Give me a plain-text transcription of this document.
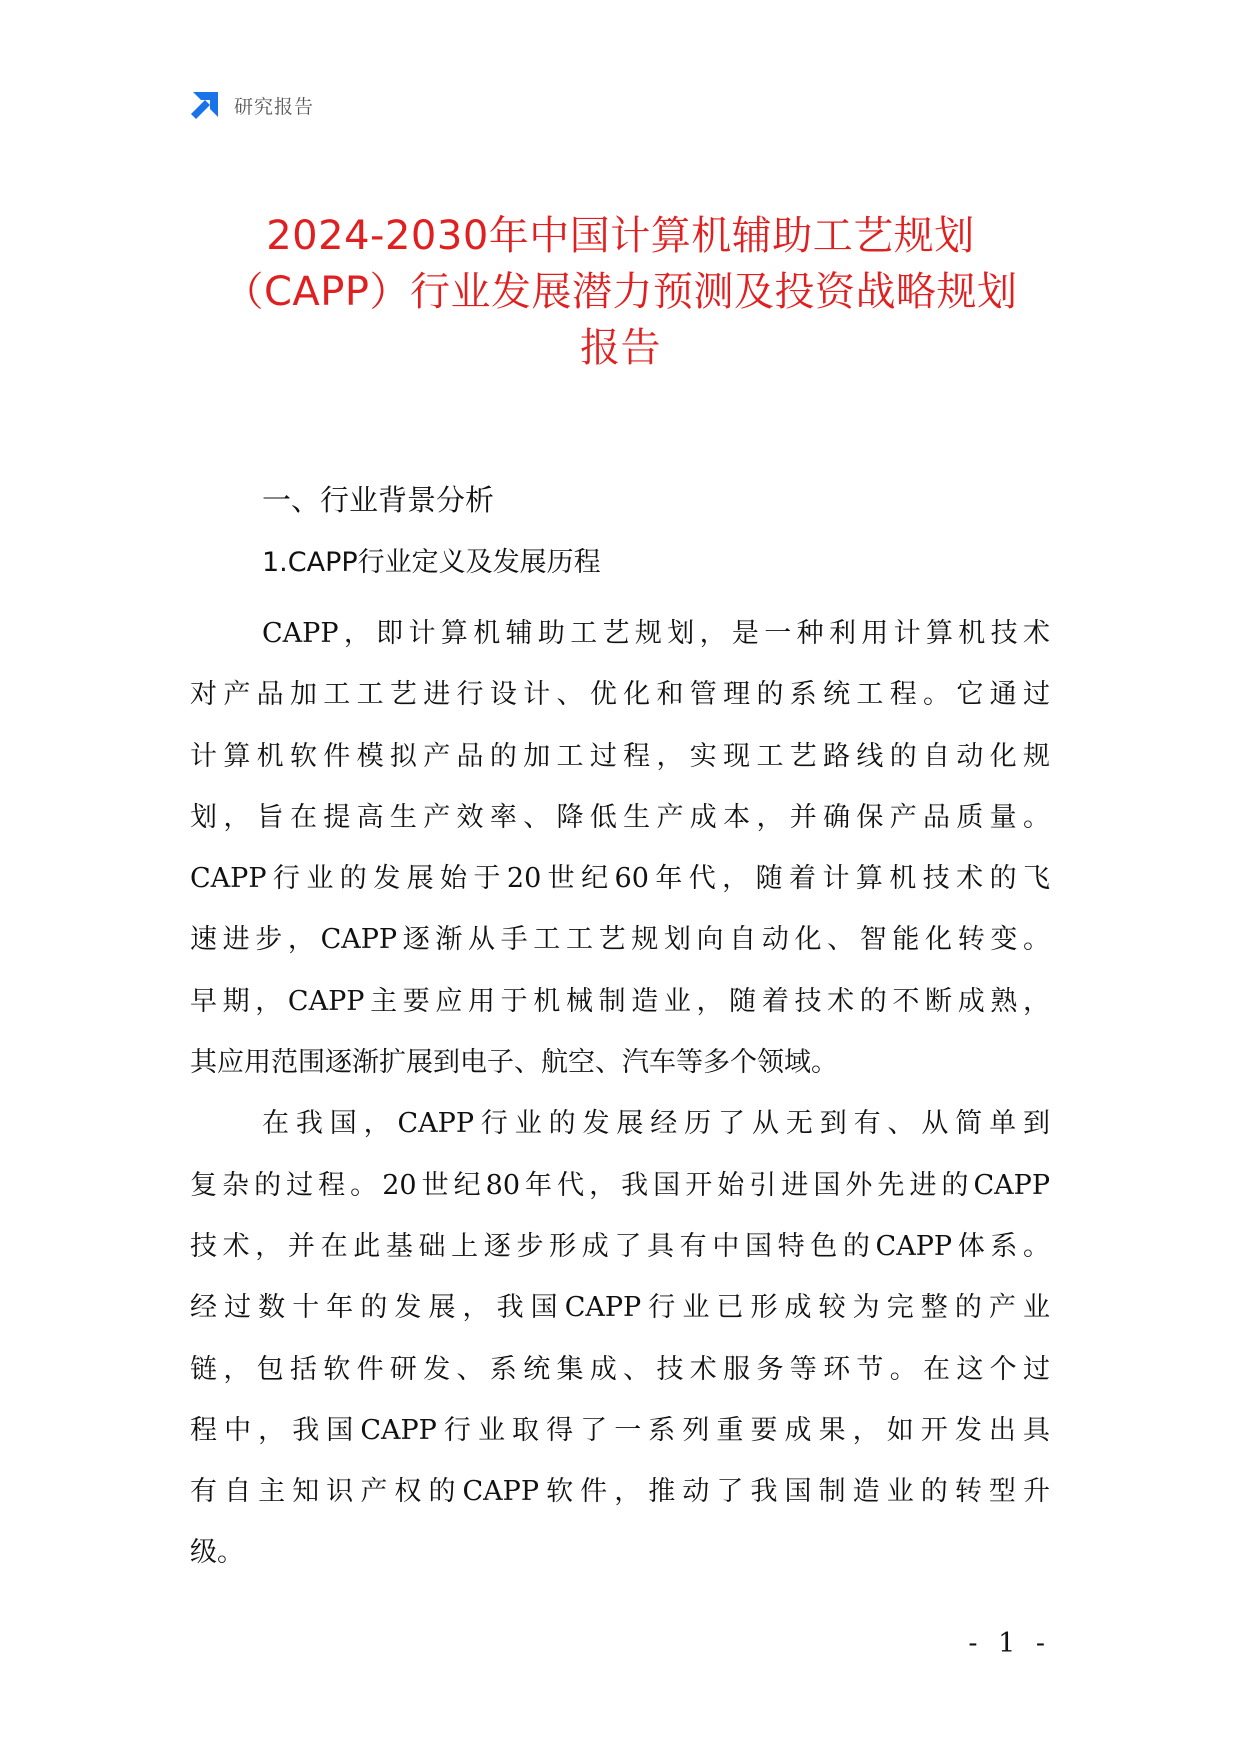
研究报告
2024-2030年中国计算机辅助工艺规划
（CAPP）行业发展潜力预测及投资战略规划
报告
一、行业背景分析
1.CAPP行业定义及发展历程
CAPP，即计算机辅助工艺规划，是一种利用计算机技术
对产品加工工艺进行设计、优化和管理的系统工程。它通过
计算机软件模拟产品的加工过程，实现工艺路线的自动化规
划，旨在提高生产效率、降低生产成本，并确保产品质量。
CAPP行业的发展始于20世纪60年代，随着计算机技术的飞
速进步，CAPP逐渐从手工工艺规划向自动化、智能化转变。
早期，CAPP主要应用于机械制造业，随着技术的不断成熟，
其应用范围逐渐扩展到电子、航空、汽车等多个领域。
在我国，CAPP行业的发展经历了从无到有、从简单到
复杂的过程。20世纪80年代，我国开始引进国外先进的CAPP
技术，并在此基础上逐步形成了具有中国特色的CAPP体系。
经过数十年的发展，我国CAPP行业已形成较为完整的产业
链，包括软件研发、系统集成、技术服务等环节。在这个过
程中，我国CAPP行业取得了一系列重要成果，如开发出具
有自主知识产权的CAPP软件，推动了我国制造业的转型升
级。
- 1 -
